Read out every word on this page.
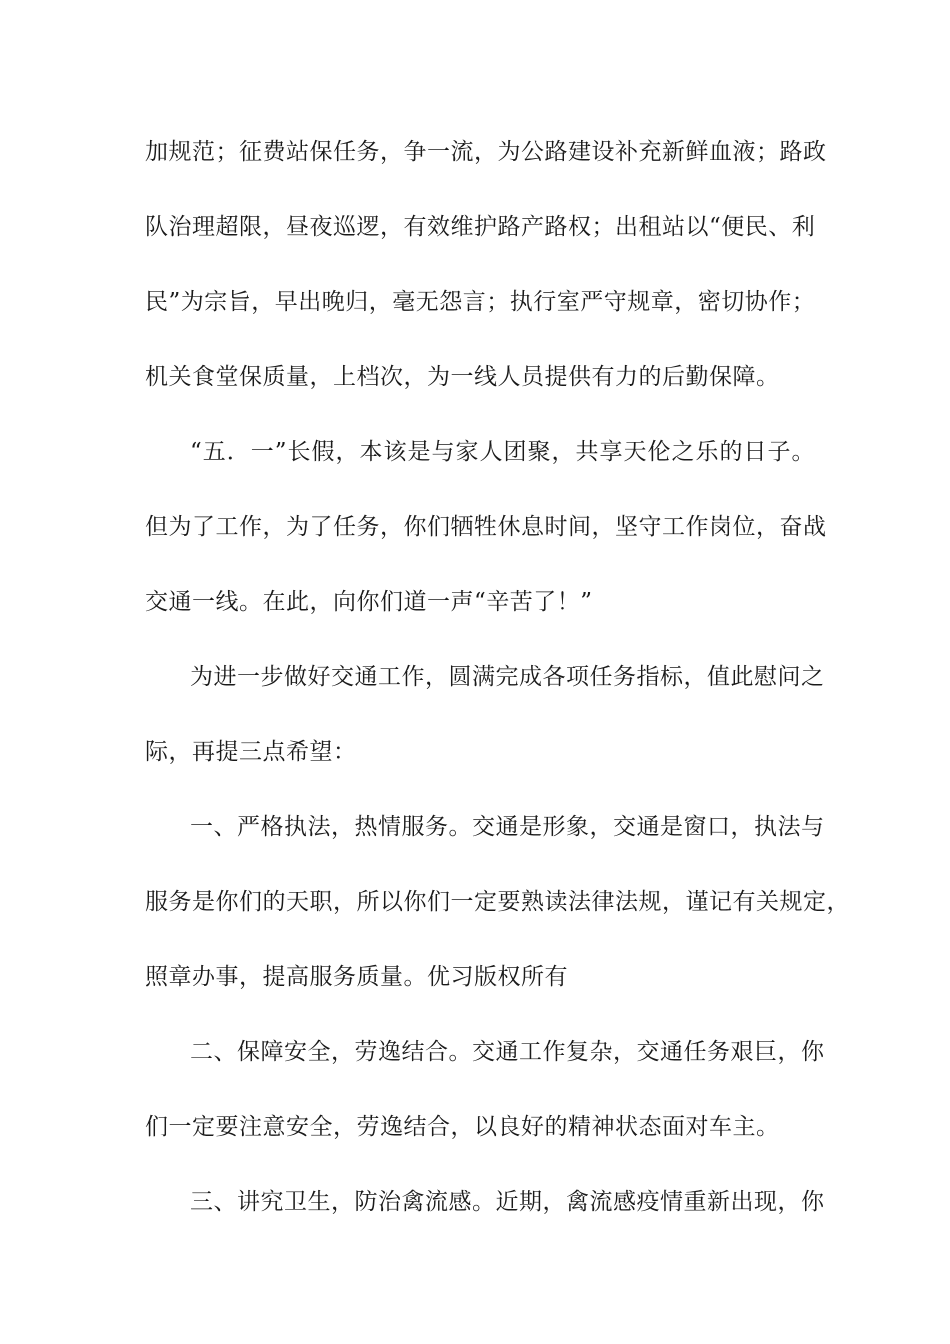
加规范；征费站保任务，争一流，为公路建设补充新鲜血液；路政
队治理超限，昼夜巡逻，有效维护路产路权；出租站以“便民、利
民”为宗旨，早出晚归，毫无怨言；执行室严守规章，密切协作；
机关食堂保质量，上档次，为一线人员提供有力的后勤保障。
“五．一”长假，本该是与家人团聚，共享天伦之乐的日子。
但为了工作，为了任务，你们牺牲休息时间，坚守工作岗位，奋战
交通一线。在此，向你们道一声“辛苦了！”
为进一步做好交通工作，圆满完成各项任务指标，值此慰问之
际，再提三点希望：
一、严格执法，热情服务。交通是形象，交通是窗口，执法与
服务是你们的天职，所以你们一定要熟读法律法规，谨记有关规定，
照章办事，提高服务质量。优习版权所有
二、保障安全，劳逸结合。交通工作复杂，交通任务艰巨，你
们一定要注意安全，劳逸结合，以良好的精神状态面对车主。
三、讲究卫生，防治禽流感。近期，禽流感疫情重新出现，你
